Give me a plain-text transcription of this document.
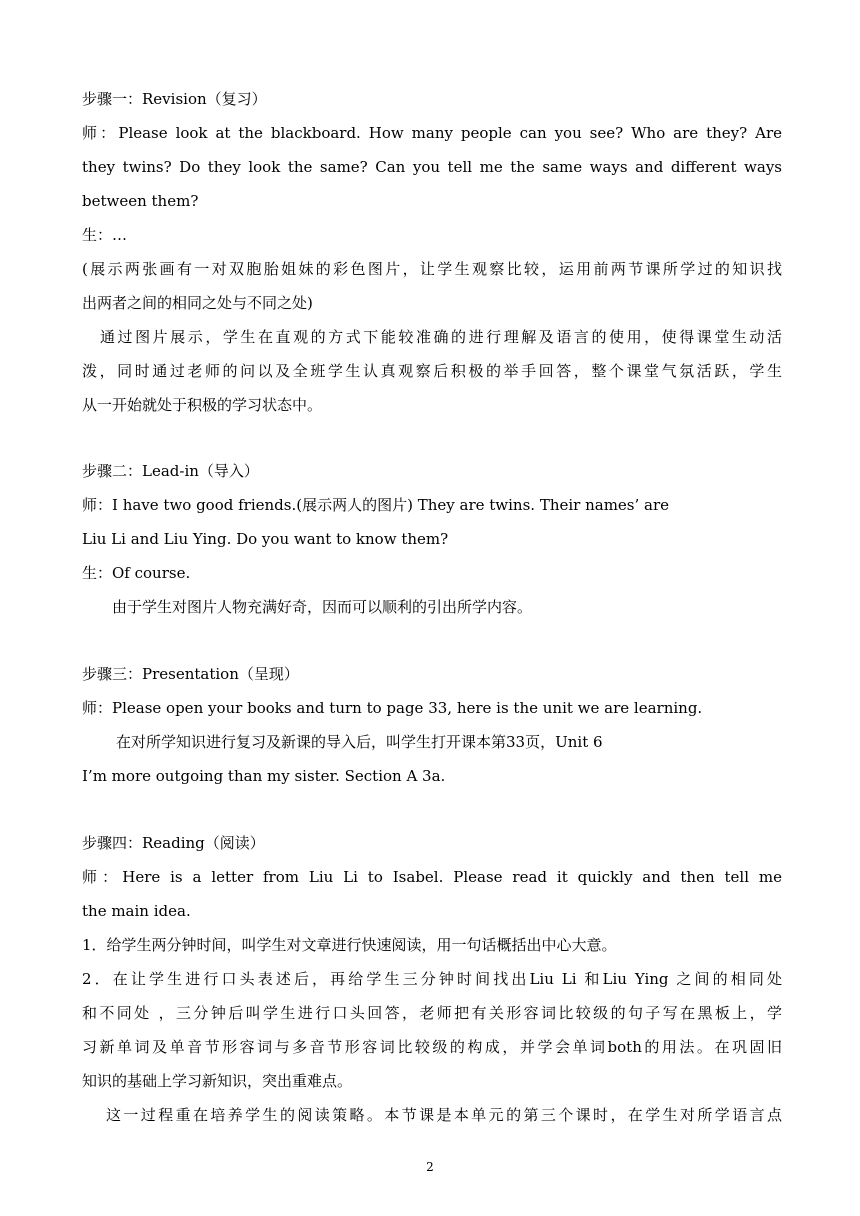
步骤一：Revision（复习）
师：Please look at the blackboard. How many people can you see? Who are they? Are
they twins? Do they look the same? Can you tell me the same ways and different ways
between them?
生：…
(展示两张画有一对双胞胎姐妹的彩色图片，让学生观察比较，运用前两节课所学过的知识找
出两者之间的相同之处与不同之处)
通过图片展示，学生在直观的方式下能较准确的进行理解及语言的使用，使得课堂生动活
泼，同时通过老师的问以及全班学生认真观察后积极的举手回答，整个课堂气氛活跃，学生
从一开始就处于积极的学习状态中。
步骤二：Lead-in（导入）
师：I have two good friends.(展示两人的图片) They are twins. Their names’ are
Liu Li and Liu Ying. Do you want to know them?
生：Of course.
由于学生对图片人物充满好奇，因而可以顺利的引出所学内容。
步骤三：Presentation（呈现）
师：Please open your books and turn to page 33, here is the unit we are learning.
在对所学知识进行复习及新课的导入后，叫学生打开课本第33页，Unit 6
I’m more outgoing than my sister. Section A 3a.
步骤四：Reading（阅读）
师：Here is a letter from Liu Li to Isabel. Please read it quickly and then tell me
the main idea.
1．给学生两分钟时间，叫学生对文章进行快速阅读，用一句话概括出中心大意。
2．在让学生进行口头表述后，再给学生三分钟时间找出Liu Li 和Liu Ying 之间的相同处
和不同处 ，三分钟后叫学生进行口头回答，老师把有关形容词比较级的句子写在黑板上，学
习新单词及单音节形容词与多音节形容词比较级的构成，并学会单词both的用法。在巩固旧
知识的基础上学习新知识，突出重难点。
这一过程重在培养学生的阅读策略。本节课是本单元的第三个课时，在学生对所学语言点
2
